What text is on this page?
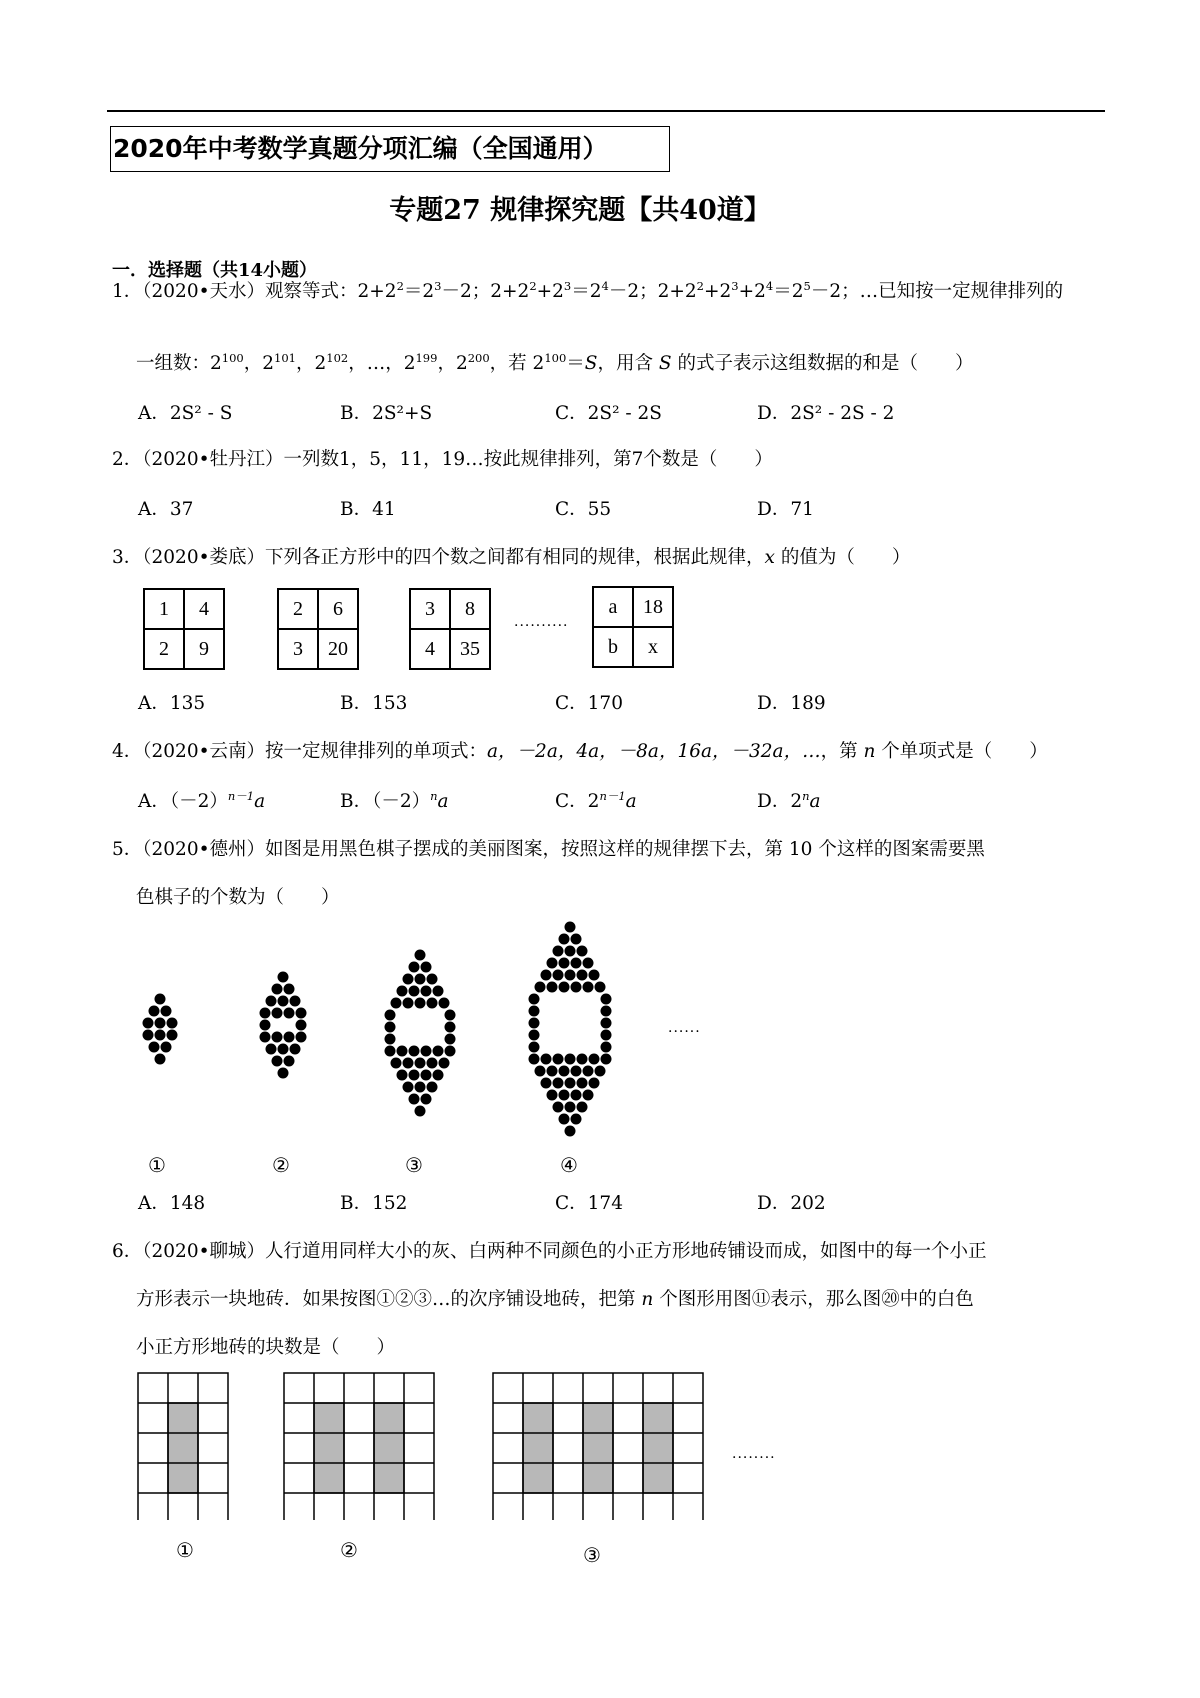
2020年中考数学真题分项汇编（全国通用）
专题27 规律探究题【共40道】
一．选择题（共14小题）
1．（2020•天水）观察等式：$2+2^2=2^3-2$；$2+2^2+2^3=2^4-2$；$2+2^2+2^3+2^4=2^5-2$；…已知按一定规律排列的
一组数：$2^{100}$，$2^{101}$，$2^{102}$，…，$2^{199}$，$2^{200}$，若 $2^{100}=S$，用含 S 的式子表示这组数据的和是（　　）
A．2S² - S	B．2S²+S	C．2S² - 2S	D．2S² - 2S - 2
2．（2020•牡丹江）一列数1，5，11，19…按此规律排列，第7个数是（　　）
A．37	B．41	C．55	D．71
3．（2020•娄底）下列各正方形中的四个数之间都有相同的规律，根据此规律，x 的值为（　　）
1	4
2	9
2	6
3	20
3	8
4	35
··········
a	18
b	x
A．135	B．153	C．170	D．189
4．（2020•云南）按一定规律排列的单项式：a，－2a，4a，－8a，16a，－32a，…，第 n 个单项式是（　　）
A．$(-2)^{n-1}a$	B．$(-2)^na$	C．$2^{n-1}a$	D．2$^n$a
5．（2020•德州）如图是用黑色棋子摆成的美丽图案，按照这样的规律摆下去，第 10 个这样的图案需要黑
色棋子的个数为（　　）
······
①	②	③	④
A．148	B．152	C．174	D．202
6．（2020•聊城）人行道用同样大小的灰、白两种不同颜色的小正方形地砖铺设而成，如图中的每一个小正
方形表示一块地砖．如果按图①②③…的次序铺设地砖，把第 n 个图形用图⑪表示，那么图⑳中的白色
小正方形地砖的块数是（　　）
········
①	②	③
